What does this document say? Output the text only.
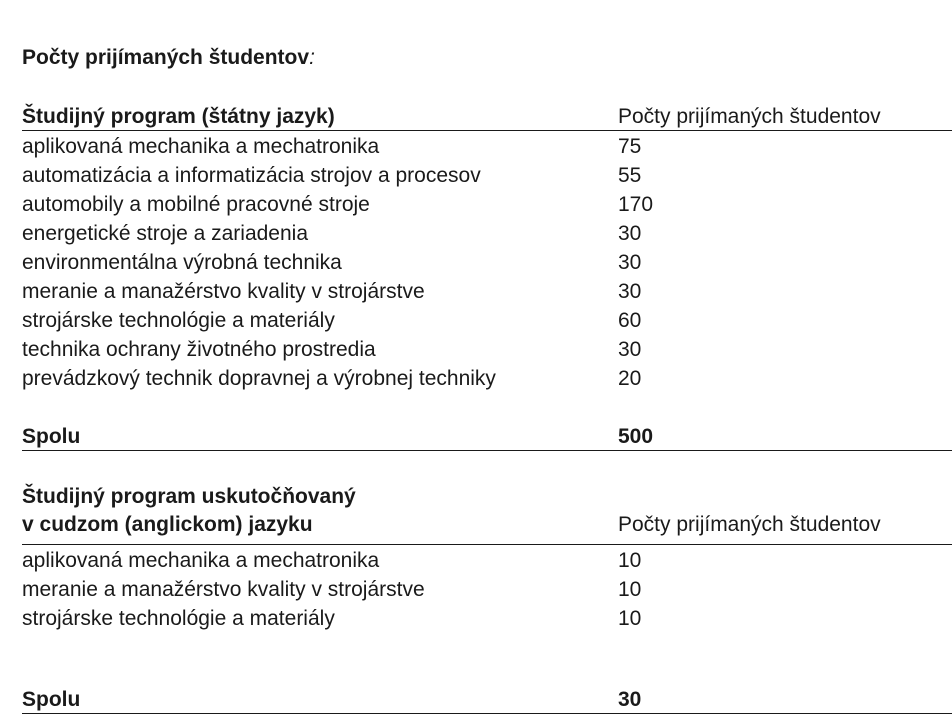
Počty prijímaných študentov:
Študijný program (štátny jazyk)	Počty prijímaných študentov
aplikovaná mechanika a mechatronika	75
automatizácia a informatizácia strojov a procesov	55
automobily a mobilné pracovné stroje	170
energetické stroje a zariadenia	30
environmentálna výrobná technika	30
meranie a manažérstvo kvality v strojárstve	30
strojárske technológie a materiály	60
technika ochrany životného prostredia	30
prevádzkový technik dopravnej a výrobnej techniky	20
Spolu	500
Študijný program uskutočňovaný
v cudzom (anglickom) jazyku	Počty prijímaných študentov
aplikovaná mechanika a mechatronika	10
meranie a manažérstvo kvality v strojárstve	10
strojárske technológie a materiály	10
Spolu	30
